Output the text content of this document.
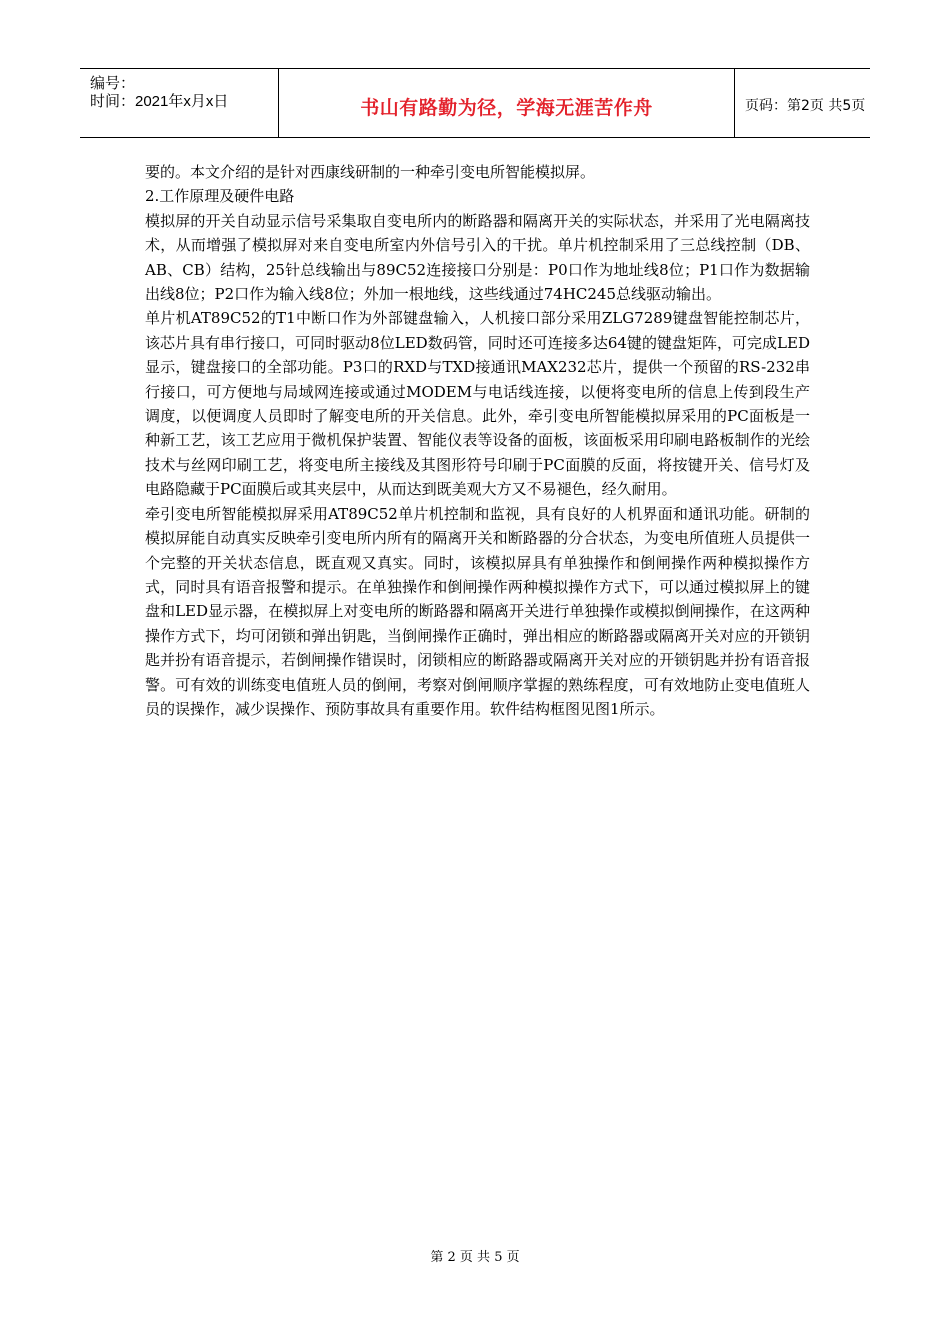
编号：
时间：2021年x月x日	书山有路勤为径，学海无涯苦作舟	页码：第2页 共5页

要的。本文介绍的是针对西康线研制的一种牵引变电所智能模拟屏。

2.工作原理及硬件电路

模拟屏的开关自动显示信号采集取自变电所内的断路器和隔离开关的实际状态，并采用了光电隔离技术，从而增强了模拟屏对来自变电所室内外信号引入的干扰。单片机控制采用了三总线控制（DB、AB、CB）结构，25针总线输出与89C52连接接口分别是：P0口作为地址线8位；P1口作为数据输出线8位；P2口作为输入线8位；外加一根地线，这些线通过74HC245总线驱动输出。

单片机AT89C52的T1中断口作为外部键盘输入，人机接口部分采用ZLG7289键盘智能控制芯片，该芯片具有串行接口，可同时驱动8位LED数码管，同时还可连接多达64键的键盘矩阵，可完成LED显示，键盘接口的全部功能。P3口的RXD与TXD接通讯MAX232芯片，提供一个预留的RS-232串行接口，可方便地与局域网连接或通过MODEM与电话线连接，以便将变电所的信息上传到段生产调度，以便调度人员即时了解变电所的开关信息。此外，牵引变电所智能模拟屏采用的PC面板是一种新工艺，该工艺应用于微机保护装置、智能仪表等设备的面板，该面板采用印刷电路板制作的光绘技术与丝网印刷工艺，将变电所主接线及其图形符号印刷于PC面膜的反面，将按键开关、信号灯及电路隐藏于PC面膜后或其夹层中，从而达到既美观大方又不易褪色，经久耐用。

牵引变电所智能模拟屏采用AT89C52单片机控制和监视，具有良好的人机界面和通讯功能。研制的模拟屏能自动真实反映牵引变电所内所有的隔离开关和断路器的分合状态，为变电所值班人员提供一个完整的开关状态信息，既直观又真实。同时，该模拟屏具有单独操作和倒闸操作两种模拟操作方式，同时具有语音报警和提示。在单独操作和倒闸操作两种模拟操作方式下，可以通过模拟屏上的键盘和LED显示器，在模拟屏上对变电所的断路器和隔离开关进行单独操作或模拟倒闸操作，在这两种操作方式下，均可闭锁和弹出钥匙，当倒闸操作正确时，弹出相应的断路器或隔离开关对应的开锁钥匙并扮有语音提示，若倒闸操作错误时，闭锁相应的断路器或隔离开关对应的开锁钥匙并扮有语音报警。可有效的训练变电值班人员的倒闸，考察对倒闸顺序掌握的熟练程度，可有效地防止变电值班人员的误操作，减少误操作、预防事故具有重要作用。软件结构框图见图1所示。

第 2 页 共 5 页
